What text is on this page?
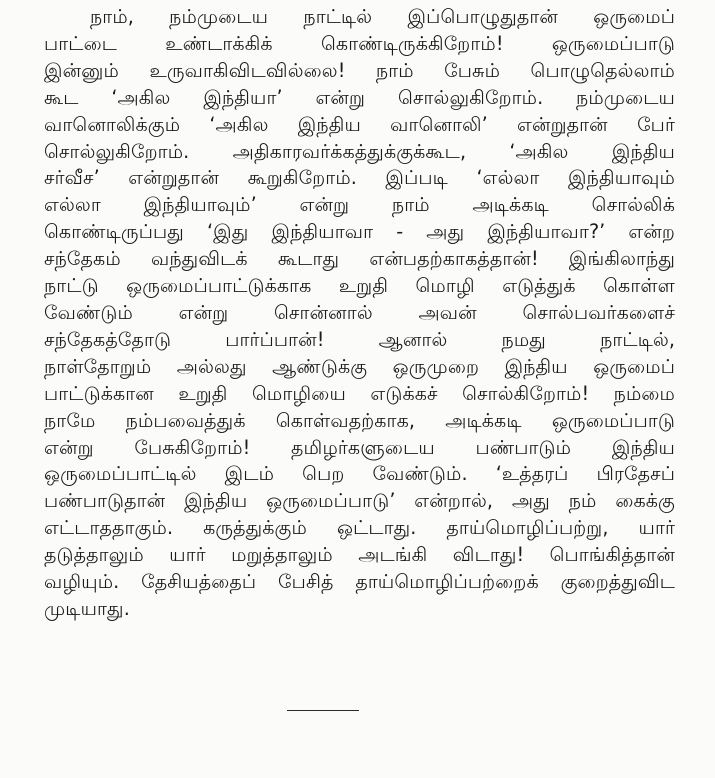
நாம், நம்முடைய நாட்டில் இப்பொழுதுதான் ஒருமைப்
பாட்டை உண்டாக்கிக் கொண்டிருக்கிறோம்! ஒருமைப்பாடு
இன்னும் உருவாகிவிடவில்லை! நாம் பேசும் பொழுதெல்லாம்
கூட ‘அகில இந்தியா’ என்று சொல்லுகிறோம். நம்முடைய
வானொலிக்கும் ‘அகில இந்திய வானொலி’ என்றுதான் பேர்
சொல்லுகிறோம். அதிகாரவர்க்கத்துக்குக்கூட, ‘அகில இந்திய
சர்வீச’ என்றுதான் கூறுகிறோம். இப்படி ‘எல்லா இந்தியாவும்
எல்லா இந்தியாவும்’ என்று நாம் அடிக்கடி சொல்லிக்
கொண்டிருப்பது ‘இது இந்தியாவா - அது இந்தியாவா?’ என்ற
சந்தேகம் வந்துவிடக் கூடாது என்பதற்காகத்தான்! இங்கிலாந்து
நாட்டு ஒருமைப்பாட்டுக்காக உறுதி மொழி எடுத்துக் கொள்ள
வேண்டும் என்று சொன்னால் அவன் சொல்பவர்களைச்
சந்தேகத்தோடு பார்ப்பான்! ஆனால் நமது நாட்டில்,
நாள்தோறும் அல்லது ஆண்டுக்கு ஒருமுறை இந்திய ஒருமைப்
பாட்டுக்கான உறுதி மொழியை எடுக்கச் சொல்கிறோம்! நம்மை
நாமே நம்பவைத்துக் கொள்வதற்காக, அடிக்கடி ஒருமைப்பாடு
என்று பேசுகிறோம்! தமிழர்களுடைய பண்பாடும் இந்திய
ஒருமைப்பாட்டில் இடம் பெற வேண்டும். ‘உத்தரப் பிரதேசப்
பண்பாடுதான் இந்திய ஒருமைப்பாடு’ என்றால், அது நம் கைக்கு
எட்டாததாகும். கருத்துக்கும் ஒட்டாது. தாய்மொழிப்பற்று, யார்
தடுத்தாலும் யார் மறுத்தாலும் அடங்கி விடாது! பொங்கித்தான்
வழியும். தேசியத்தைப் பேசித் தாய்மொழிப்பற்றைக் குறைத்துவிட
முடியாது.
